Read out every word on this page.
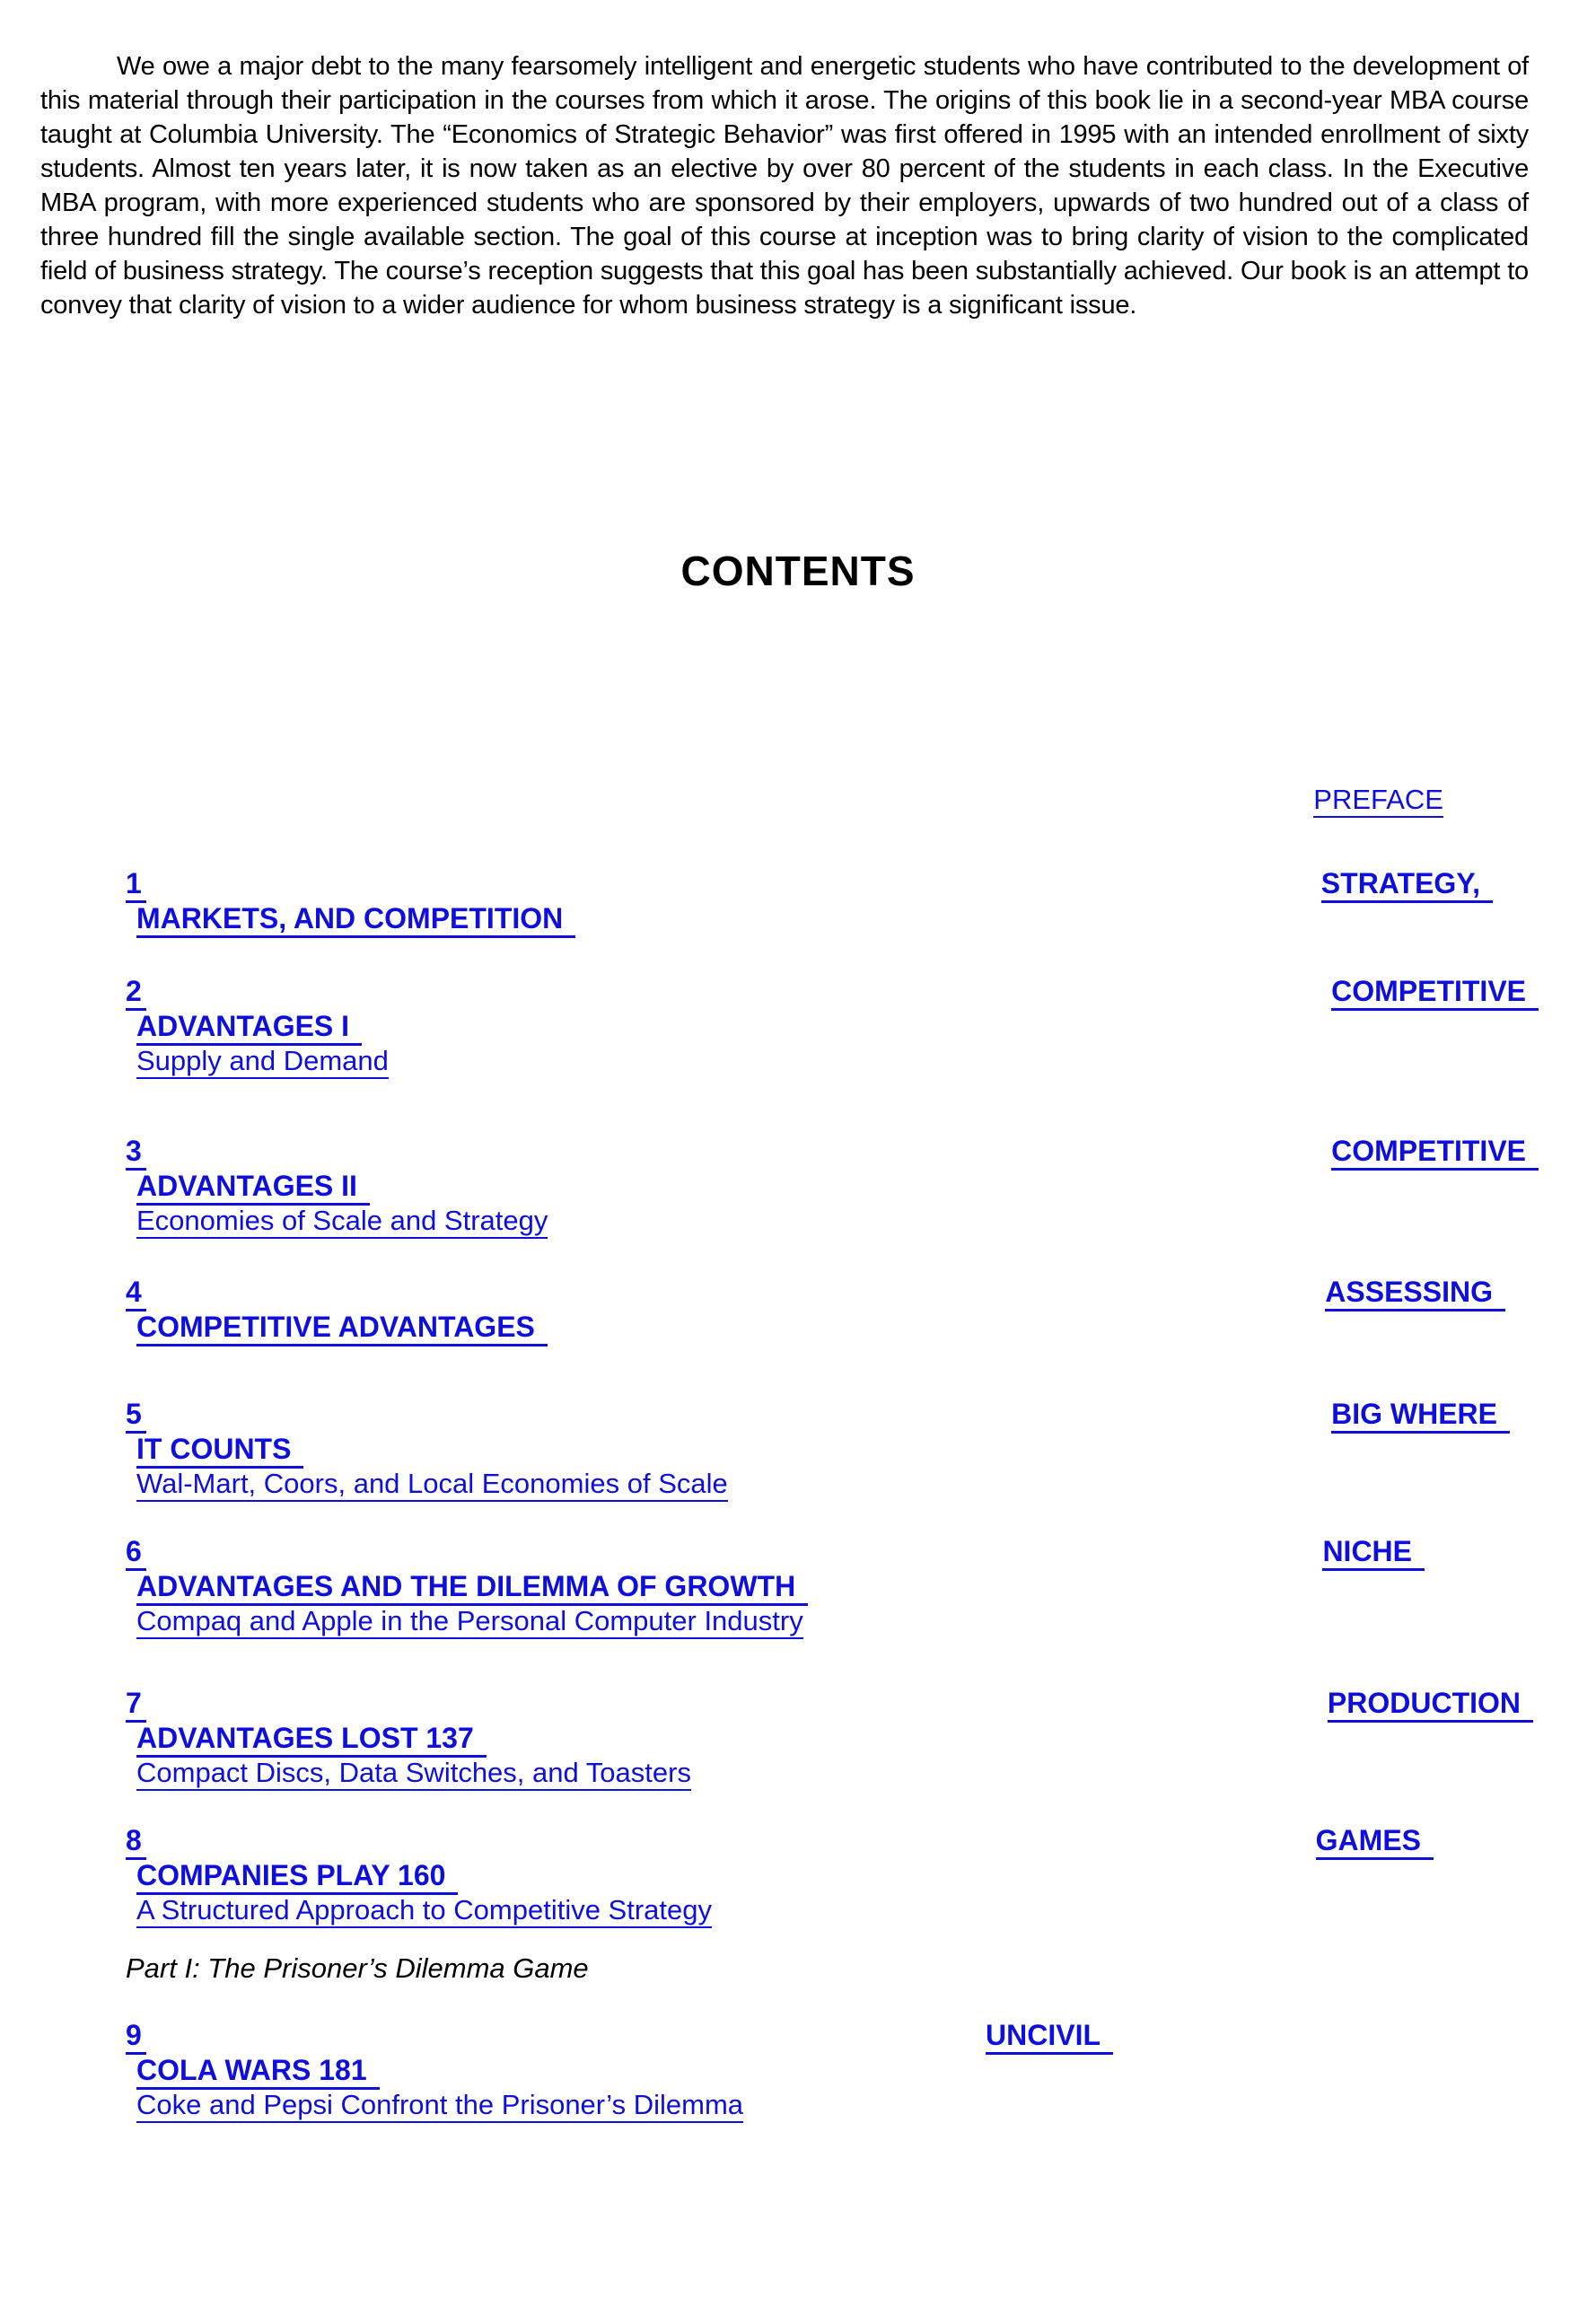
We owe a major debt to the many fearsomely intelligent and energetic students who have contributed to the development of this material through their participation in the courses from which it arose. The origins of this book lie in a second-year MBA course taught at Columbia University. The “Economics of Strategic Behavior” was first offered in 1995 with an intended enrollment of sixty students. Almost ten years later, it is now taken as an elective by over 80 percent of the students in each class. In the Executive MBA program, with more experienced students who are sponsored by their employers, upwards of two hundred out of a class of three hundred fill the single available section. The goal of this course at inception was to bring clarity of vision to the complicated field of business strategy. The course’s reception suggests that this goal has been substantially achieved. Our book is an attempt to convey that clarity of vision to a wider audience for whom business strategy is a significant issue.
CONTENTS
PREFACE
1	STRATEGY,
MARKETS, AND COMPETITION
2	COMPETITIVE
ADVANTAGES I
Supply and Demand
3	COMPETITIVE
ADVANTAGES II
Economies of Scale and Strategy
4	ASSESSING
COMPETITIVE ADVANTAGES
5	BIG WHERE
IT COUNTS
Wal-Mart, Coors, and Local Economies of Scale
6	NICHE
ADVANTAGES AND THE DILEMMA OF GROWTH
Compaq and Apple in the Personal Computer Industry
7	PRODUCTION
ADVANTAGES LOST 137
Compact Discs, Data Switches, and Toasters
8	GAMES
COMPANIES PLAY 160
A Structured Approach to Competitive Strategy
Part I: The Prisoner’s Dilemma Game
9	UNCIVIL
COLA WARS 181
Coke and Pepsi Confront the Prisoner’s Dilemma
